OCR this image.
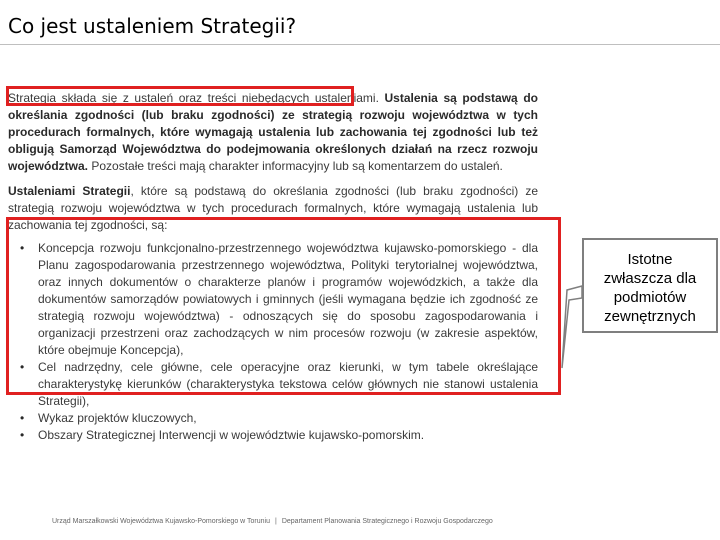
Co jest ustaleniem Strategii?

Strategia składa się z ustaleń oraz treści niebędących ustaleniami. Ustalenia są podstawą do określania zgodności (lub braku zgodności) ze strategią rozwoju województwa w tych procedurach formalnych, które wymagają ustalenia lub zachowania tej zgodności lub też obligują Samorząd Województwa do podejmowania określonych działań na rzecz rozwoju województwa. Pozostałe treści mają charakter informacyjny lub są komentarzem do ustaleń.

Ustaleniami Strategii, które są podstawą do określania zgodności (lub braku zgodności) ze strategią rozwoju województwa w tych procedurach formalnych, które wymagają ustalenia lub zachowania tej zgodności, są:

• Koncepcja rozwoju funkcjonalno-przestrzennego województwa kujawsko-pomorskiego - dla Planu zagospodarowania przestrzennego województwa, Polityki terytorialnej województwa, oraz innych dokumentów o charakterze planów i programów wojewódzkich, a także dla dokumentów samorządów powiatowych i gminnych (jeśli wymagana będzie ich zgodność ze strategią rozwoju województwa) - odnoszących się do sposobu zagospodarowania i organizacji przestrzeni oraz zachodzących w nim procesów rozwoju (w zakresie aspektów, które obejmuje Koncepcja),
• Cel nadrzędny, cele główne, cele operacyjne oraz kierunki, w tym tabele określające charakterystykę kierunków (charakterystyka tekstowa celów głównych nie stanowi ustalenia Strategii),
• Wykaz projektów kluczowych,
• Obszary Strategicznej Interwencji w województwie kujawsko-pomorskim.
Istotne
zwłaszcza dla
podmiotów
zewnętrznych
Urząd Marszałkowski Województwa Kujawsko-Pomorskiego w Toruniu | Departament Planowania Strategicznego i Rozwoju Gospodarczego
